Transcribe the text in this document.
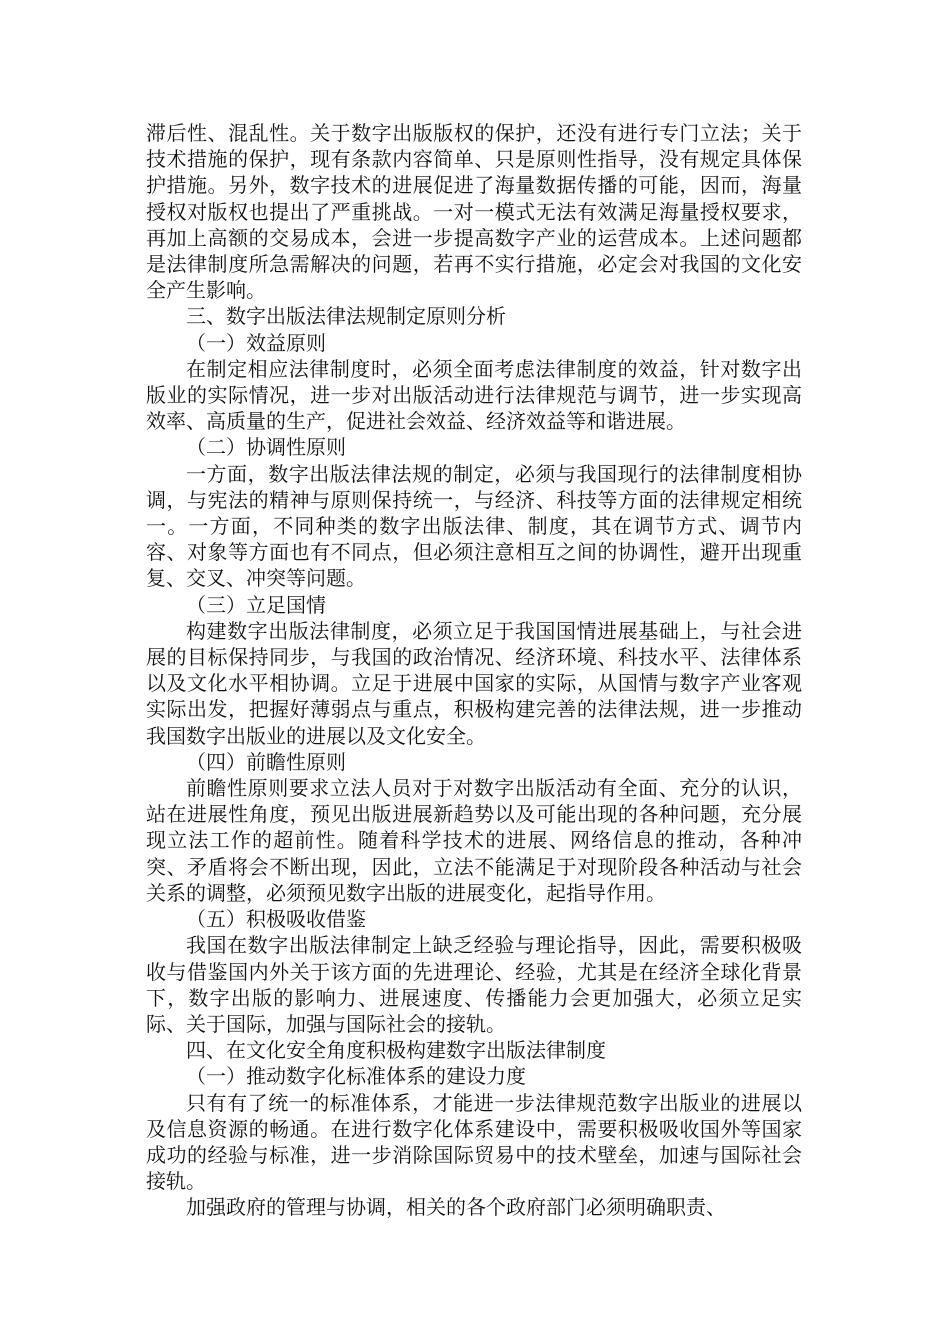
滞后性、混乱性。关于数字出版版权的保护，还没有进行专门立法；关于技术措施的保护，现有条款内容简单、只是原则性指导，没有规定具体保护措施。另外，数字技术的进展促进了海量数据传播的可能，因而，海量授权对版权也提出了严重挑战。一对一模式无法有效满足海量授权要求，再加上高额的交易成本，会进一步提高数字产业的运营成本。上述问题都是法律制度所急需解决的问题，若再不实行措施，必定会对我国的文化安全产生影响。

三、数字出版法律法规制定原则分析

（一）效益原则

在制定相应法律制度时，必须全面考虑法律制度的效益，针对数字出版业的实际情况，进一步对出版活动进行法律规范与调节，进一步实现高效率、高质量的生产，促进社会效益、经济效益等和谐进展。

（二）协调性原则

一方面，数字出版法律法规的制定，必须与我国现行的法律制度相协调，与宪法的精神与原则保持统一，与经济、科技等方面的法律规定相统一。一方面，不同种类的数字出版法律、制度，其在调节方式、调节内容、对象等方面也有不同点，但必须注意相互之间的协调性，避开出现重复、交叉、冲突等问题。

（三）立足国情

构建数字出版法律制度，必须立足于我国国情进展基础上，与社会进展的目标保持同步，与我国的政治情况、经济环境、科技水平、法律体系以及文化水平相协调。立足于进展中国家的实际，从国情与数字产业客观实际出发，把握好薄弱点与重点，积极构建完善的法律法规，进一步推动我国数字出版业的进展以及文化安全。

（四）前瞻性原则

前瞻性原则要求立法人员对于对数字出版活动有全面、充分的认识，站在进展性角度，预见出版进展新趋势以及可能出现的各种问题，充分展现立法工作的超前性。随着科学技术的进展、网络信息的推动，各种冲突、矛盾将会不断出现，因此，立法不能满足于对现阶段各种活动与社会关系的调整，必须预见数字出版的进展变化，起指导作用。

（五）积极吸收借鉴

我国在数字出版法律制定上缺乏经验与理论指导，因此，需要积极吸收与借鉴国内外关于该方面的先进理论、经验，尤其是在经济全球化背景下，数字出版的影响力、进展速度、传播能力会更加强大，必须立足实际、关于国际，加强与国际社会的接轨。

四、在文化安全角度积极构建数字出版法律制度

（一）推动数字化标准体系的建设力度

只有有了统一的标准体系，才能进一步法律规范数字出版业的进展以及信息资源的畅通。在进行数字化体系建设中，需要积极吸收国外等国家成功的经验与标准，进一步消除国际贸易中的技术壁垒，加速与国际社会接轨。

加强政府的管理与协调，相关的各个政府部门必须明确职责、
